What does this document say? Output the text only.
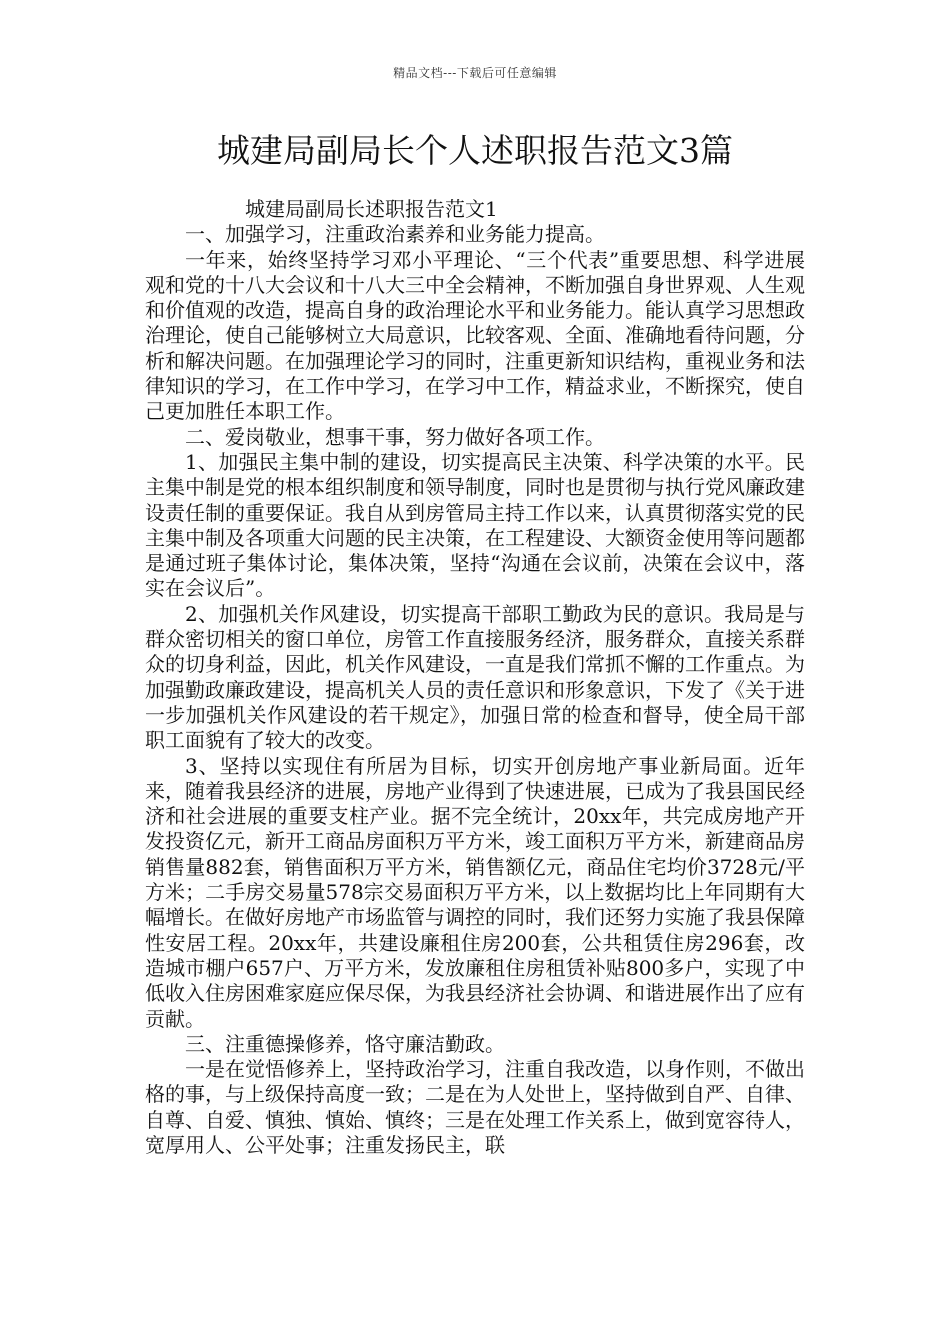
精品文档---下载后可任意编辑
城建局副局长个人述职报告范文3篇

城建局副局长述职报告范文1

一、加强学习，注重政治素养和业务能力提高。

一年来，始终坚持学习邓小平理论、“三个代表”重要思想、科学进展观和党的十八大会议和十八大三中全会精神，不断加强自身世界观、人生观和价值观的改造，提高自身的政治理论水平和业务能力。能认真学习思想政治理论，使自己能够树立大局意识，比较客观、全面、准确地看待问题，分析和解决问题。在加强理论学习的同时，注重更新知识结构，重视业务和法律知识的学习，在工作中学习，在学习中工作，精益求业，不断探究，使自己更加胜任本职工作。

二、爱岗敬业，想事干事，努力做好各项工作。

1、加强民主集中制的建设，切实提高民主决策、科学决策的水平。民主集中制是党的根本组织制度和领导制度，同时也是贯彻与执行党风廉政建设责任制的重要保证。我自从到房管局主持工作以来，认真贯彻落实党的民主集中制及各项重大问题的民主决策，在工程建设、大额资金使用等问题都是通过班子集体讨论，集体决策，坚持“沟通在会议前，决策在会议中，落实在会议后”。

2、加强机关作风建设，切实提高干部职工勤政为民的意识。我局是与群众密切相关的窗口单位，房管工作直接服务经济，服务群众，直接关系群众的切身利益，因此，机关作风建设，一直是我们常抓不懈的工作重点。为加强勤政廉政建设，提高机关人员的责任意识和形象意识，下发了《关于进一步加强机关作风建设的若干规定》，加强日常的检查和督导，使全局干部职工面貌有了较大的改变。

3、坚持以实现住有所居为目标，切实开创房地产事业新局面。近年来，随着我县经济的进展，房地产业得到了快速进展，已成为了我县国民经济和社会进展的重要支柱产业。据不完全统计，20xx年，共完成房地产开发投资亿元，新开工商品房面积万平方米，竣工面积万平方米，新建商品房销售量882套，销售面积万平方米，销售额亿元，商品住宅均价3728元/平方米；二手房交易量578宗交易面积万平方米，以上数据均比上年同期有大幅增长。在做好房地产市场监管与调控的同时，我们还努力实施了我县保障性安居工程。20xx年，共建设廉租住房200套，公共租赁住房296套，改造城市棚户657户、万平方米，发放廉租住房租赁补贴800多户，实现了中低收入住房困难家庭应保尽保，为我县经济社会协调、和谐进展作出了应有贡献。

三、注重德操修养，恪守廉洁勤政。

一是在觉悟修养上，坚持政治学习，注重自我改造，以身作则，不做出格的事，与上级保持高度一致；二是在为人处世上，坚持做到自严、自律、自尊、自爱、慎独、慎始、慎终；三是在处理工作关系上，做到宽容待人，宽厚用人、公平处事；注重发扬民主，联
